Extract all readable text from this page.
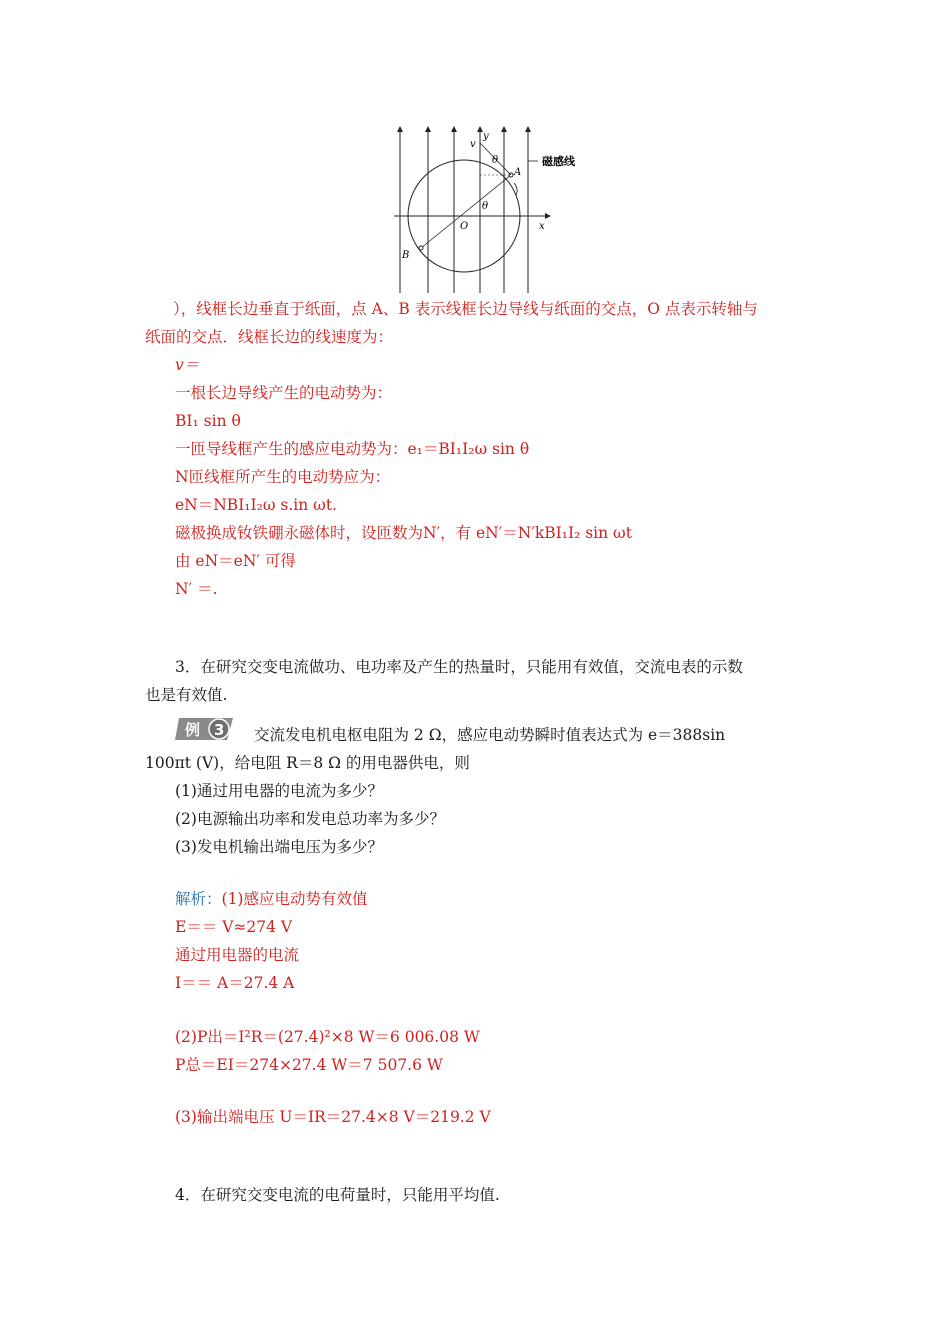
x
y
v
θ
θ
A
B
O
磁感线
），线框长边垂直于纸面，点 A、B 表示线框长边导线与纸面的交点，O 点表示转轴与
纸面的交点．线框长边的线速度为：
v＝
一根长边导线产生的电动势为：
BI₁ sin θ
一匝导线框产生的感应电动势为：e₁＝BI₁I₂ω sin θ
N匝线框所产生的电动势应为：
eN＝NBI₁I₂ω s.in ωt.
磁极换成钕铁硼永磁体时，设匝数为N′，有 eN′＝N′kBI₁I₂ sin ωt
由 eN＝eN′ 可得
N′ ＝.
3．在研究交变电流做功、电功率及产生的热量时，只能用有效值，交流电表的示数
也是有效值.
例 3 交流发电机电枢电阻为 2 Ω，感应电动势瞬时值表达式为 e＝388sin
100πt (V)，给电阻 R＝8 Ω 的用电器供电，则
(1)通过用电器的电流为多少？
(2)电源输出功率和发电总功率为多少？
(3)发电机输出端电压为多少？
解析：(1)感应电动势有效值
E＝＝ V≈274 V
通过用电器的电流
I＝＝ A＝27.4 A
(2)P出＝I²R＝(27.4)²×8 W＝6 006.08 W
P总＝EI＝274×27.4 W＝7 507.6 W
(3)输出端电压 U＝IR＝27.4×8 V＝219.2 V
4．在研究交变电流的电荷量时，只能用平均值.
